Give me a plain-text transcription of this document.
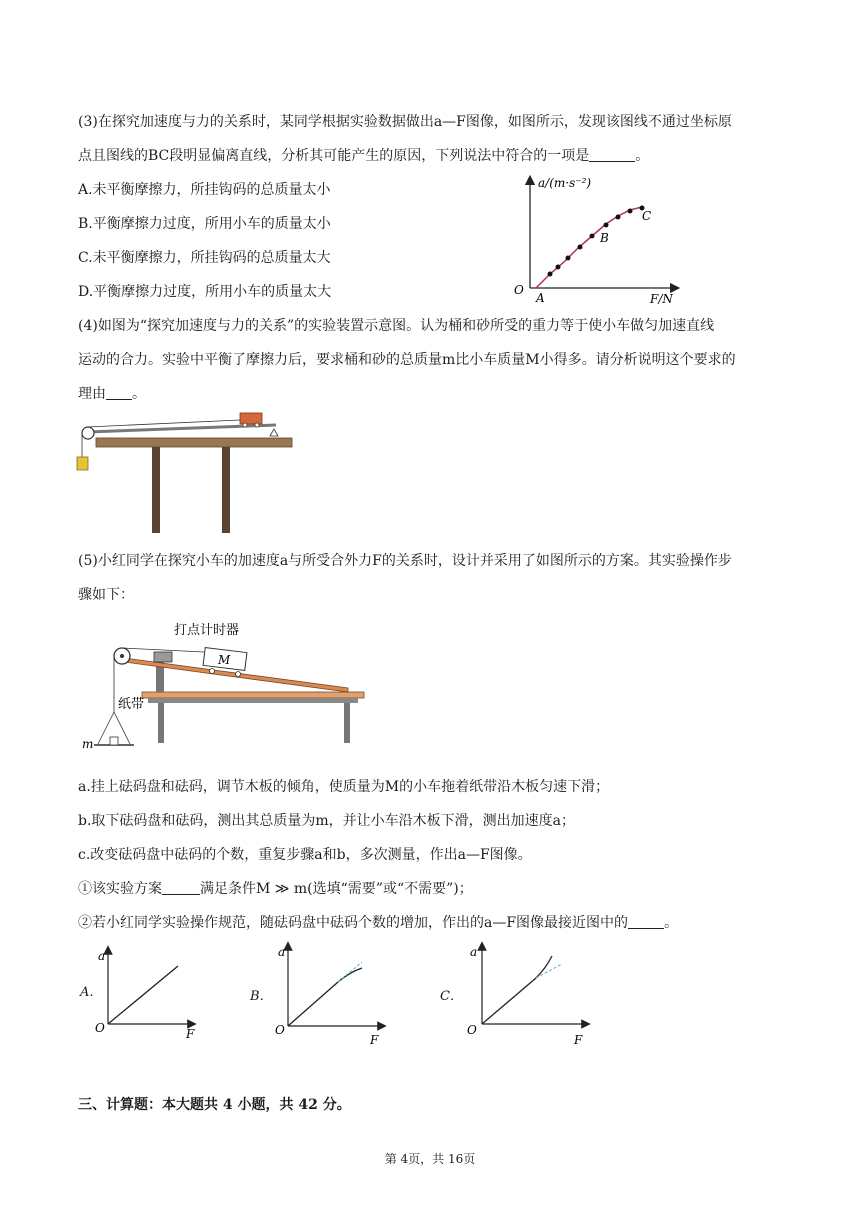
(3)在探究加速度与力的关系时，某同学根据实验数据做出a—F图像，如图所示，发现该图线不通过坐标原
点且图线的BC段明显偏离直线，分析其可能产生的原因，下列说法中符合的一项是	。
A.未平衡摩擦力，所挂钩码的总质量太小
B.平衡摩擦力过度，所用小车的质量太小
C.未平衡摩擦力，所挂钩码的总质量太大
D.平衡摩擦力过度，所用小车的质量太大
a/(m·s⁻²)
F/N
O
A
B
C
(4)如图为“探究加速度与力的关系”的实验装置示意图。认为桶和砂所受的重力等于使小车做匀加速直线
运动的合力。实验中平衡了摩擦力后，要求桶和砂的总质量m比小车质量M小得多。请分析说明这个要求的
理由 。
(5)小红同学在探究小车的加速度a与所受合外力F的关系时，设计并采用了如图所示的方案。其实验操作步
骤如下：
打点计时器
M
纸带
m
a.挂上砝码盘和砝码，调节木板的倾角，使质量为M的小车拖着纸带沿木板匀速下滑；
b.取下砝码盘和砝码，测出其总质量为m，并让小车沿木板下滑，测出加速度a；
c.改变砝码盘中砝码的个数，重复步骤a和b，多次测量，作出a—F图像。
①该实验方案	满足条件M ≫ m(选填“需要”或“不需要”)；
②若小红同学实验操作规范，随砝码盘中砝码个数的增加，作出的a—F图像最接近图中的	。
A.
a
O	F
B．
a
O
F
C．
a
O
F
三、计算题：本大题共 4 小题，共 42 分。
第 4页，共 16页
